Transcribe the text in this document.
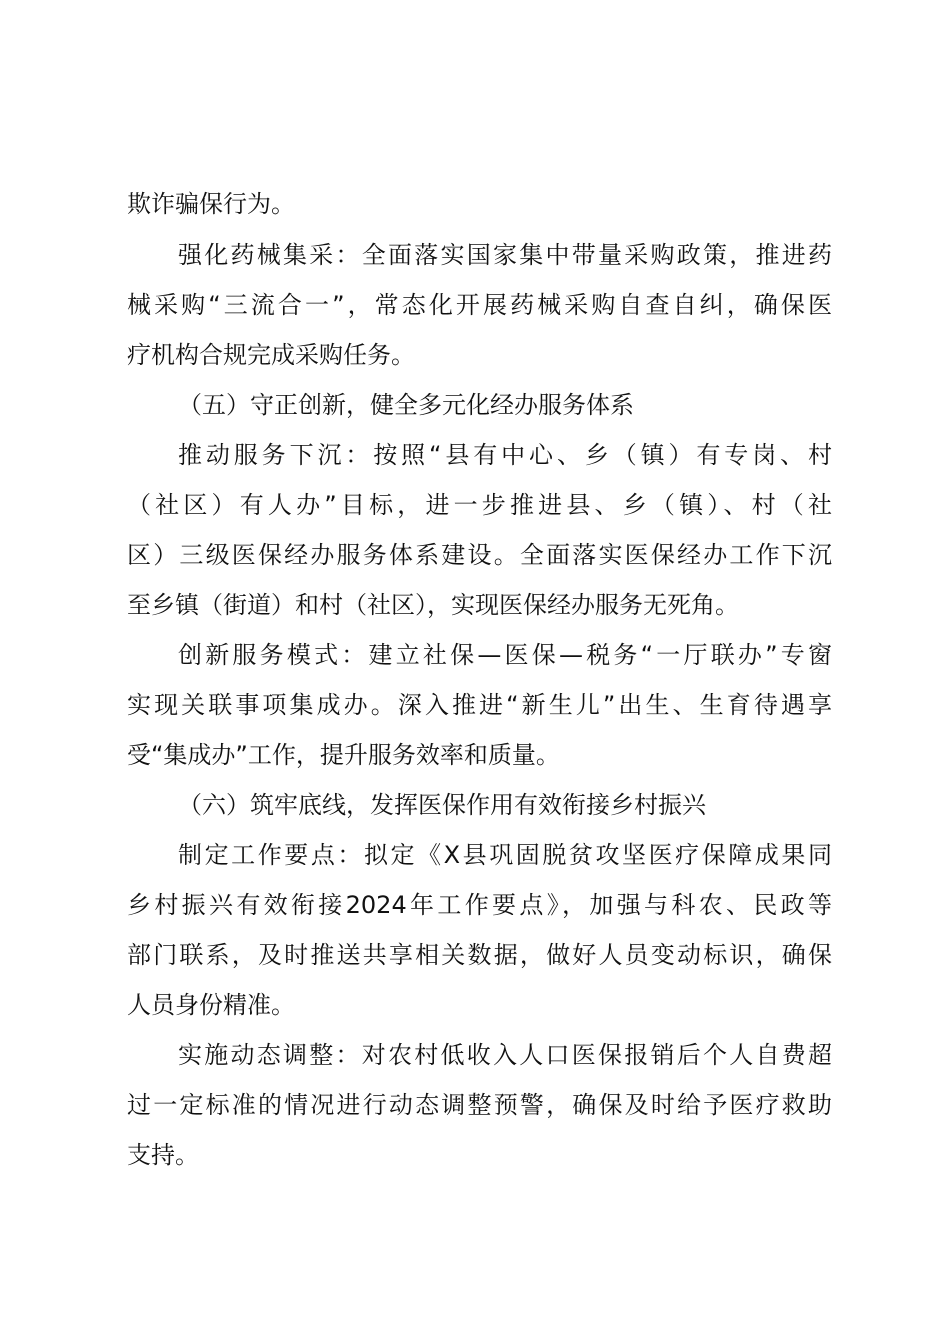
欺诈骗保行为。
强化药械集采：全面落实国家集中带量采购政策，推进药
械采购“三流合一”，常态化开展药械采购自查自纠，确保医
疗机构合规完成采购任务。
（五）守正创新，健全多元化经办服务体系
推动服务下沉：按照“县有中心、乡（镇）有专岗、村
（社区）有人办”目标，进一步推进县、乡（镇）、村（社
区）三级医保经办服务体系建设。全面落实医保经办工作下沉
至乡镇（街道）和村（社区），实现医保经办服务无死角。
创新服务模式：建立社保—医保—税务“一厅联办”专窗
实现关联事项集成办。深入推进“新生儿”出生、生育待遇享
受“集成办”工作，提升服务效率和质量。
（六）筑牢底线，发挥医保作用有效衔接乡村振兴
制定工作要点：拟定《X县巩固脱贫攻坚医疗保障成果同
乡村振兴有效衔接2024年工作要点》，加强与科农、民政等
部门联系，及时推送共享相关数据，做好人员变动标识，确保
人员身份精准。
实施动态调整：对农村低收入人口医保报销后个人自费超
过一定标准的情况进行动态调整预警，确保及时给予医疗救助
支持。
